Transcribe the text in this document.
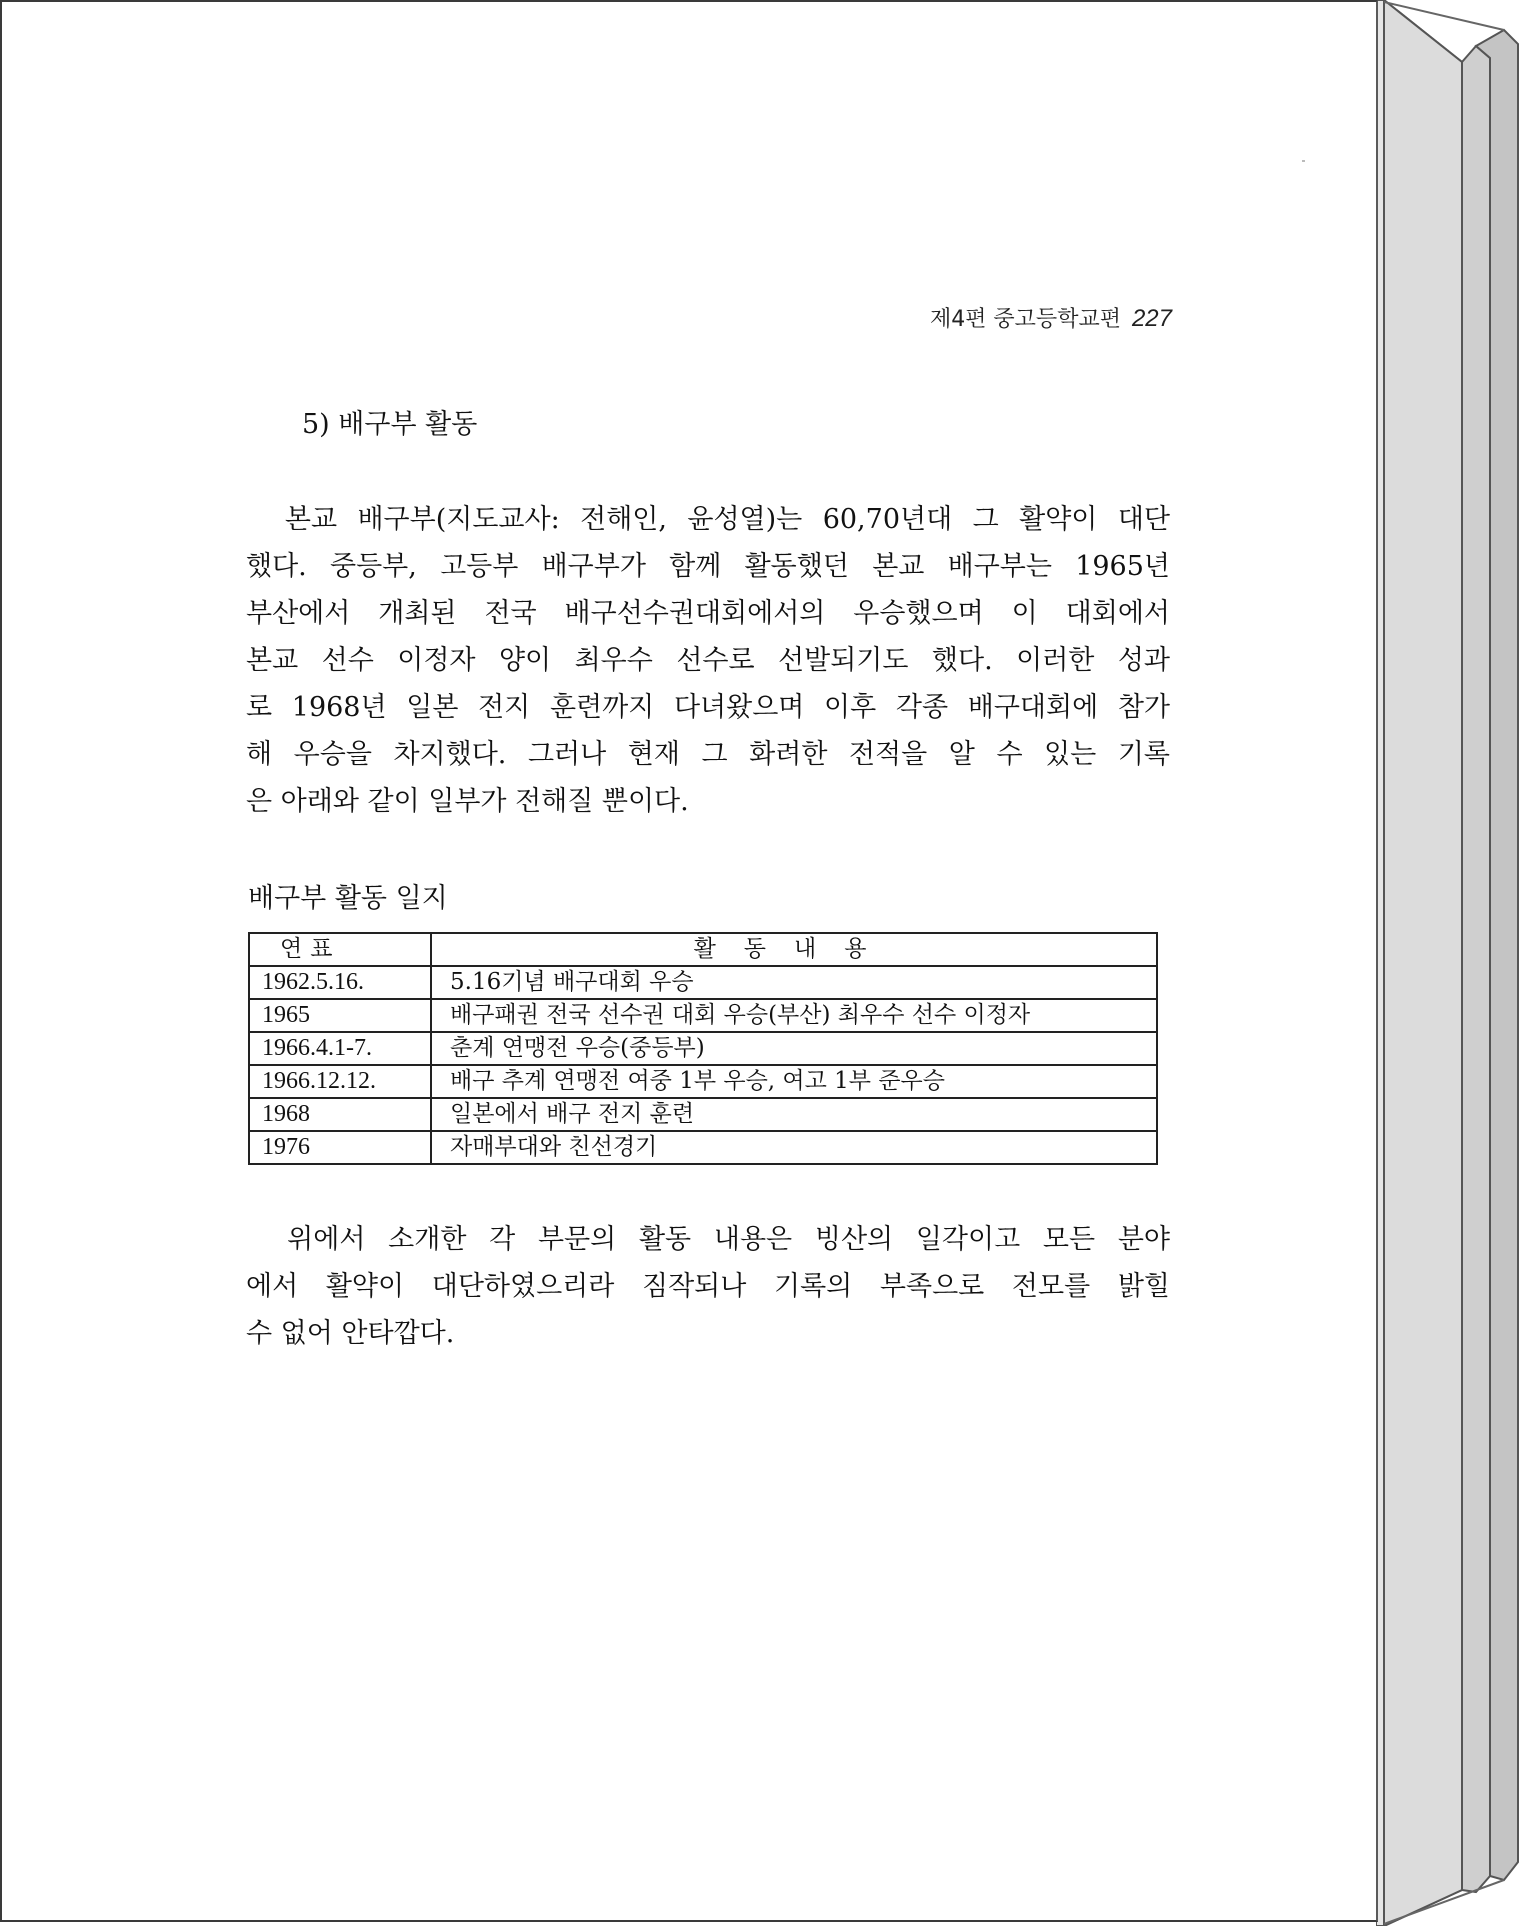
제4편 중고등학교편 227
5) 배구부 활동
　본교 배구부(지도교사: 전해인, 윤성열)는 60,70년대 그 활약이 대단
했다. 중등부, 고등부 배구부가 함께 활동했던 본교 배구부는 1965년
부산에서 개최된 전국 배구선수권대회에서의 우승했으며 이 대회에서
본교 선수 이정자 양이 최우수 선수로 선발되기도 했다. 이러한 성과
로 1968년 일본 전지 훈련까지 다녀왔으며 이후 각종 배구대회에 참가
해 우승을 차지했다. 그러나 현재 그 화려한 전적을 알 수 있는 기록
은 아래와 같이 일부가 전해질 뿐이다.
배구부 활동 일지
연표	활동내용
1962.5.16.	5.16기념 배구대회 우승
1965	배구패권 전국 선수권 대회 우승(부산) 최우수 선수 이정자
1966.4.1-7.	춘계 연맹전 우승(중등부)
1966.12.12.	배구 추계 연맹전 여중 1부 우승, 여고 1부 준우승
1968	일본에서 배구 전지 훈련
1976	자매부대와 친선경기
　위에서 소개한 각 부문의 활동 내용은 빙산의 일각이고 모든 분야
에서 활약이 대단하였으리라 짐작되나 기록의 부족으로 전모를 밝힐
수 없어 안타깝다.
